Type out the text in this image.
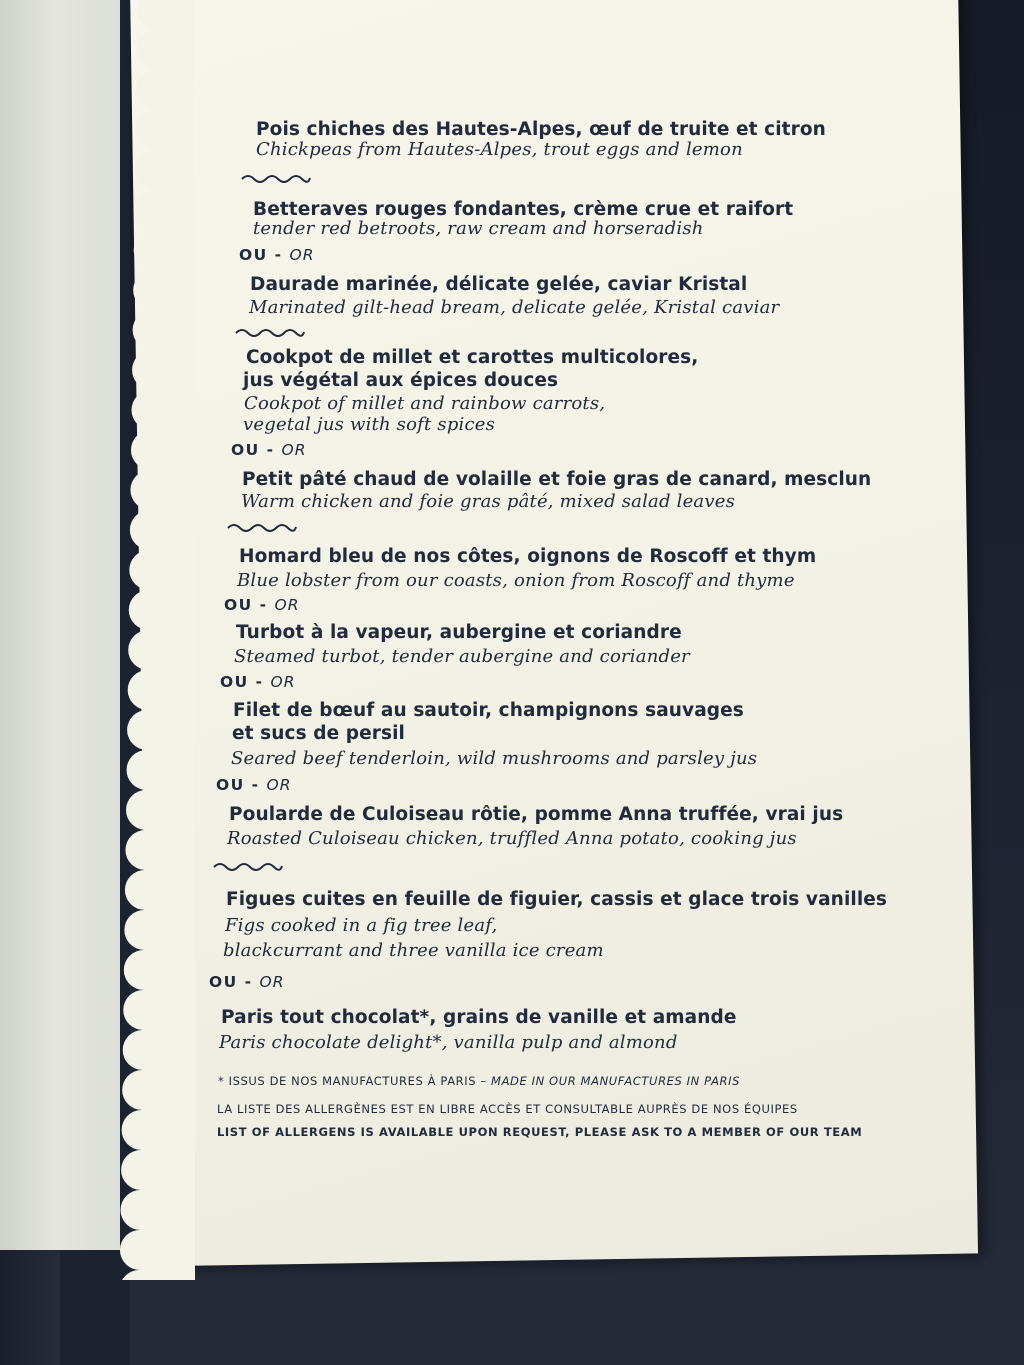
Pois chiches des Hautes-Alpes, œuf de truite et citron
Chickpeas from Hautes-Alpes, trout eggs and lemon
Betteraves rouges fondantes, crème crue et raifort
tender red betroots, raw cream and horseradish
OU - OR
Daurade marinée, délicate gelée, caviar Kristal
Marinated gilt-head bream, delicate gelée, Kristal caviar
Cookpot de millet et carottes multicolores,
jus végétal aux épices douces
Cookpot of millet and rainbow carrots,
vegetal jus with soft spices
OU - OR
Petit pâté chaud de volaille et foie gras de canard, mesclun
Warm chicken and foie gras pâté, mixed salad leaves
Homard bleu de nos côtes, oignons de Roscoff et thym
Blue lobster from our coasts, onion from Roscoff and thyme
OU - OR
Turbot à la vapeur, aubergine et coriandre
Steamed turbot, tender aubergine and coriander
OU - OR
Filet de bœuf au sautoir, champignons sauvages
et sucs de persil
Seared beef tenderloin, wild mushrooms and parsley jus
OU - OR
Poularde de Culoiseau rôtie, pomme Anna truffée, vrai jus
Roasted Culoiseau chicken, truffled Anna potato, cooking jus
Figues cuites en feuille de figuier, cassis et glace trois vanilles
Figs cooked in a fig tree leaf,
blackcurrant and three vanilla ice cream
OU - OR
Paris tout chocolat*, grains de vanille et amande
Paris chocolate delight*, vanilla pulp and almond
* ISSUS DE NOS MANUFACTURES À PARIS – MADE IN OUR MANUFACTURES IN PARIS
LA LISTE DES ALLERGÈNES EST EN LIBRE ACCÈS ET CONSULTABLE AUPRÈS DE NOS ÉQUIPES
LIST OF ALLERGENS IS AVAILABLE UPON REQUEST, PLEASE ASK TO A MEMBER OF OUR TEAM
